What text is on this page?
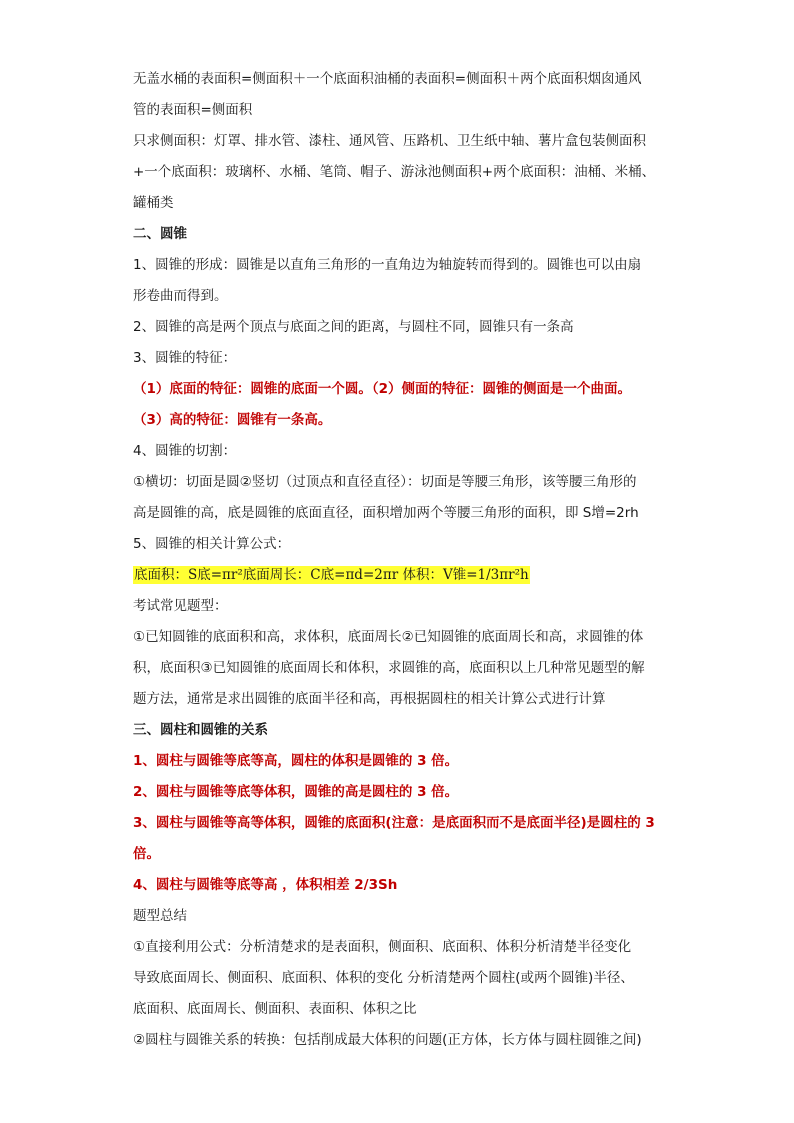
无盖水桶的表面积=侧面积＋一个底面积油桶的表面积=侧面积＋两个底面积烟囱通风
管的表面积=侧面积
只求侧面积：灯罩、排水管、漆柱、通风管、压路机、卫生纸中轴、薯片盒包装侧面积
+一个底面积：玻璃杯、水桶、笔筒、帽子、游泳池侧面积+两个底面积：油桶、米桶、
罐桶类
二、圆锥
1、圆锥的形成：圆锥是以直角三角形的一直角边为轴旋转而得到的。圆锥也可以由扇
形卷曲而得到。
2、圆锥的高是两个顶点与底面之间的距离，与圆柱不同，圆锥只有一条高
3、圆锥的特征：
（1）底面的特征：圆锥的底面一个圆。（2）侧面的特征：圆锥的侧面是一个曲面。
（3）高的特征：圆锥有一条高。
4、圆锥的切割：
①横切：切面是圆②竖切（过顶点和直径直径）：切面是等腰三角形，该等腰三角形的
高是圆锥的高，底是圆锥的底面直径，面积增加两个等腰三角形的面积，即 S增=2rh
5、圆锥的相关计算公式：
底面积：S底=πr²底面周长：C底=πd=2πr 体积：V锥=1/3πr²h
考试常见题型：
①已知圆锥的底面积和高，求体积，底面周长②已知圆锥的底面周长和高，求圆锥的体
积，底面积③已知圆锥的底面周长和体积，求圆锥的高，底面积以上几种常见题型的解
题方法，通常是求出圆锥的底面半径和高，再根据圆柱的相关计算公式进行计算
三、圆柱和圆锥的关系
1、圆柱与圆锥等底等高，圆柱的体积是圆锥的 3 倍。
2、圆柱与圆锥等底等体积，圆锥的高是圆柱的 3 倍。
3、圆柱与圆锥等高等体积，圆锥的底面积(注意：是底面积而不是底面半径)是圆柱的 3
倍。
4、圆柱与圆锥等底等高 ，体积相差 2/3Sh
题型总结
①直接利用公式：分析清楚求的是表面积，侧面积、底面积、体积分析清楚半径变化
导致底面周长、侧面积、底面积、体积的变化 分析清楚两个圆柱(或两个圆锥)半径、
底面积、底面周长、侧面积、表面积、体积之比
②圆柱与圆锥关系的转换：包括削成最大体积的问题(正方体，长方体与圆柱圆锥之间)
